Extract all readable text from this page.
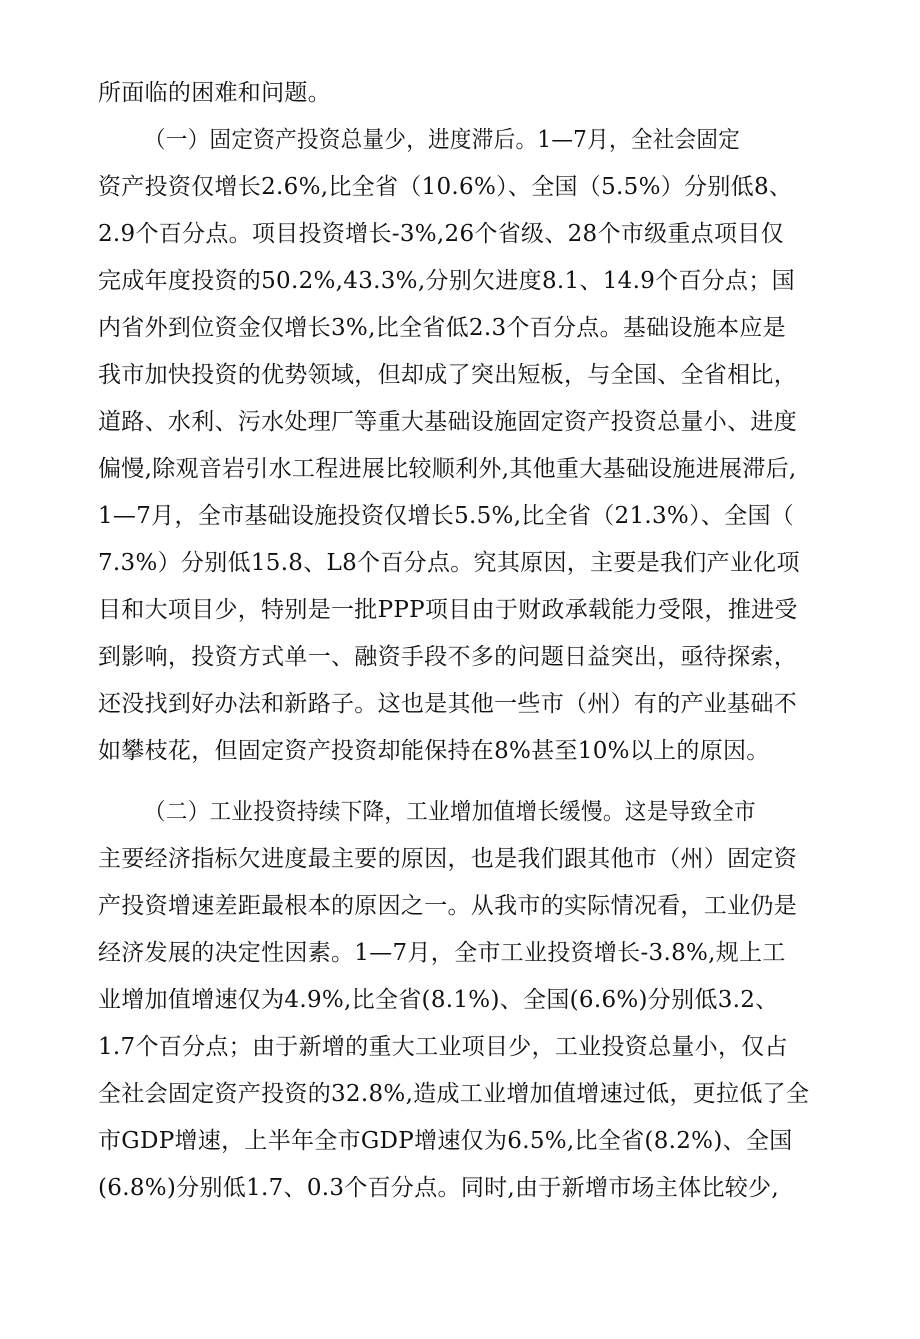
所面临的困难和问题。
（一）固定资产投资总量少，进度滞后。1—7月，全社会固定
资产投资仅增长2.6%,比全省（10.6%）、全国（5.5%）分别低8、
2.9个百分点。项目投资增长-3%,26个省级、28个市级重点项目仅
完成年度投资的50.2%,43.3%,分别欠进度8.1、14.9个百分点；国
内省外到位资金仅增长3%,比全省低2.3个百分点。基础设施本应是
我市加快投资的优势领域，但却成了突出短板，与全国、全省相比，
道路、水利、污水处理厂等重大基础设施固定资产投资总量小、进度
偏慢,除观音岩引水工程进展比较顺利外,其他重大基础设施进展滞后,
1—7月，全市基础设施投资仅增长5.5%,比全省（21.3%）、全国（
7.3%）分别低15.8、L8个百分点。究其原因，主要是我们产业化项
目和大项目少，特别是一批PPP项目由于财政承载能力受限，推进受
到影响，投资方式单一、融资手段不多的问题日益突出，亟待探索，
还没找到好办法和新路子。这也是其他一些市（州）有的产业基础不
如攀枝花，但固定资产投资却能保持在8%甚至10%以上的原因。
（二）工业投资持续下降，工业增加值增长缓慢。这是导致全市
主要经济指标欠进度最主要的原因，也是我们跟其他市（州）固定资
产投资增速差距最根本的原因之一。从我市的实际情况看，工业仍是
经济发展的决定性因素。1—7月，全市工业投资增长-3.8%,规上工
业增加值增速仅为4.9%,比全省(8.1%)、全国(6.6%)分别低3.2、
1.7个百分点；由于新增的重大工业项目少，工业投资总量小，仅占
全社会固定资产投资的32.8%,造成工业增加值增速过低，更拉低了全
市GDP增速，上半年全市GDP增速仅为6.5%,比全省(8.2%)、全国
(6.8%)分别低1.7、0.3个百分点。同时,由于新增市场主体比较少,
